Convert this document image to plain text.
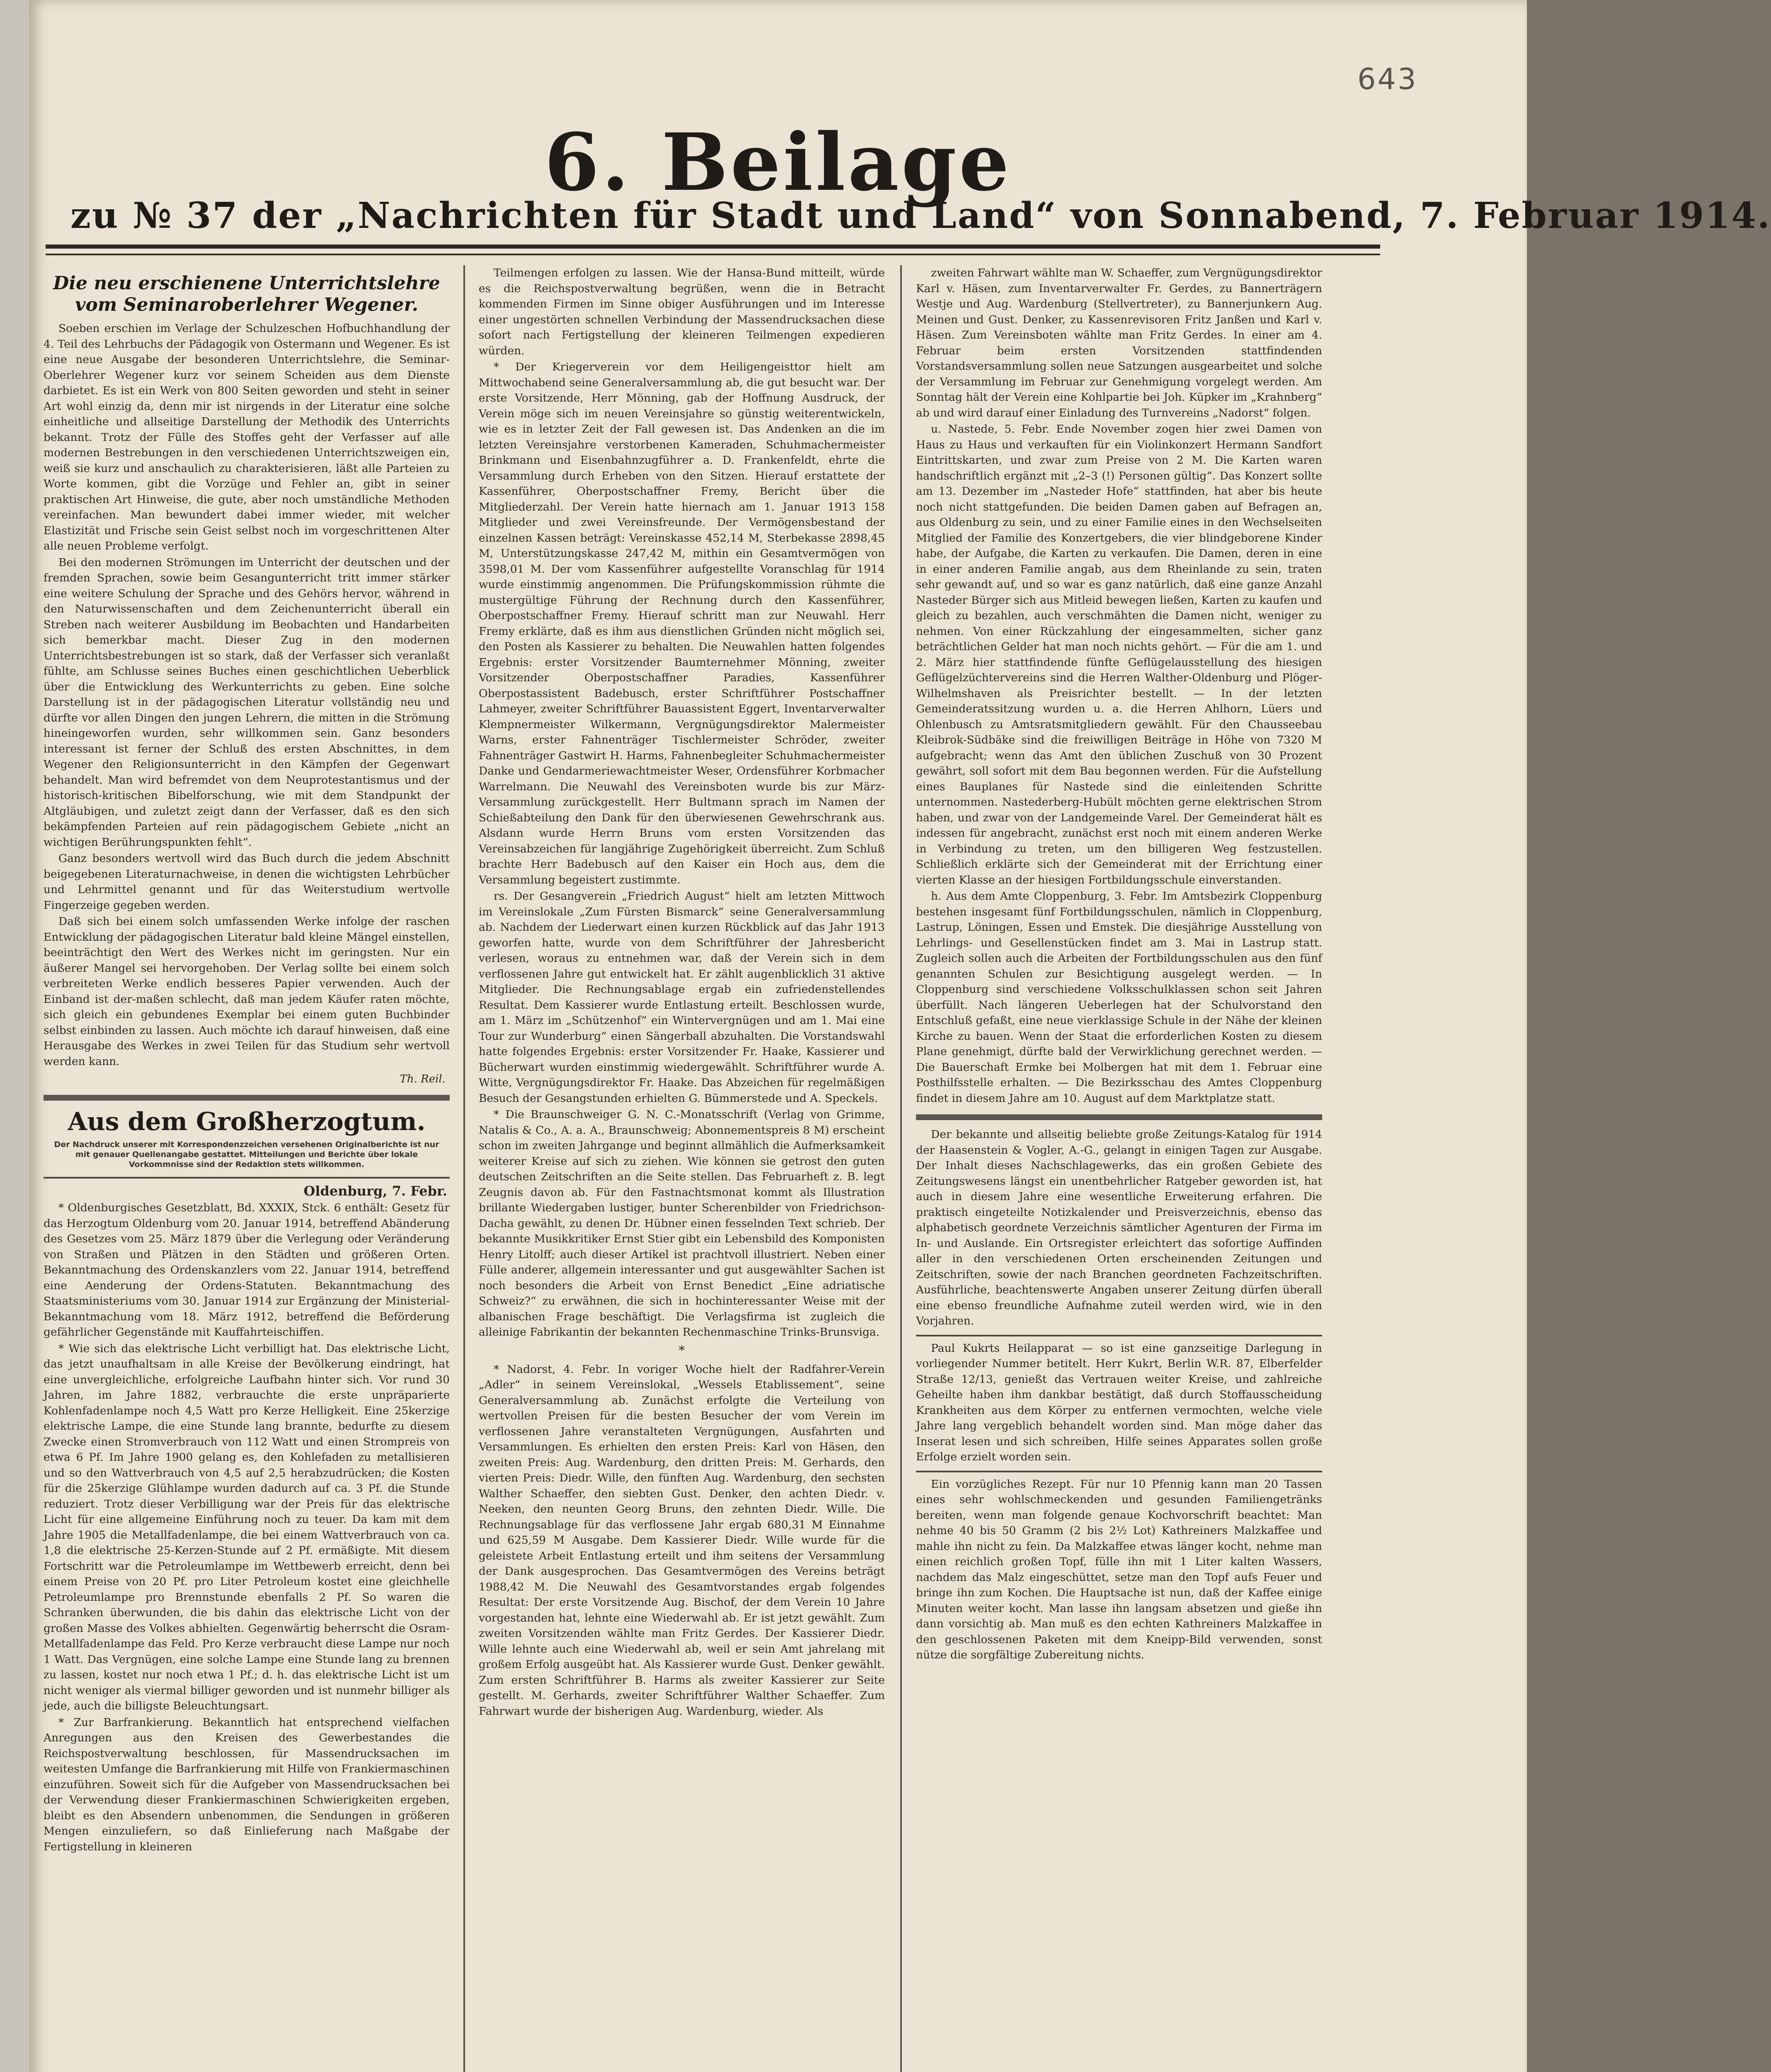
643
6. Beilage
zu № 37 der „Nachrichten für Stadt und Land“ von Sonnabend, 7. Februar 1914.
Die neu erschienene Unterrichtslehre vom Seminaroberlehrer Wegener.

Soeben erschien im Verlage der Schulzeschen Hofbuchhandlung der 4. Teil des Lehrbuchs der Pädagogik von Ostermann und Wegener. Es ist eine neue Ausgabe der besonderen Unterrichtslehre, die Seminar-Oberlehrer Wegener kurz vor seinem Scheiden aus dem Dienste darbietet. Es ist ein Werk von 800 Seiten geworden und steht in seiner Art wohl einzig da, denn mir ist nirgends in der Literatur eine solche einheitliche und allseitige Darstellung der Methodik des Unterrichts bekannt. Trotz der Fülle des Stoffes geht der Verfasser auf alle modernen Bestrebungen in den verschiedenen Unterrichtszweigen ein, weiß sie kurz und anschaulich zu charakterisieren, läßt alle Parteien zu Worte kommen, gibt die Vorzüge und Fehler an, gibt in seiner praktischen Art Hinweise, die gute, aber noch umständliche Methoden vereinfachen. Man bewundert dabei immer wieder, mit welcher Elastizität und Frische sein Geist selbst noch im vorgeschrittenen Alter alle neuen Probleme verfolgt.

Bei den modernen Strömungen im Unterricht der deutschen und der fremden Sprachen, sowie beim Gesangunterricht tritt immer stärker eine weitere Schulung der Sprache und des Gehörs hervor, während in den Naturwissenschaften und dem Zeichenunterricht überall ein Streben nach weiterer Ausbildung im Beobachten und Handarbeiten sich bemerkbar macht. Dieser Zug in den modernen Unterrichtsbestrebungen ist so stark, daß der Verfasser sich veranlaßt fühlte, am Schlusse seines Buches einen geschichtlichen Ueberblick über die Entwicklung des Werkunterrichts zu geben. Eine solche Darstellung ist in der pädagogischen Literatur vollständig neu und dürfte vor allen Dingen den jungen Lehrern, die mitten in die Strömung hineingeworfen wurden, sehr willkommen sein. Ganz besonders interessant ist ferner der Schluß des ersten Abschnittes, in dem Wegener den Religionsunterricht in den Kämpfen der Gegenwart behandelt. Man wird befremdet von dem Neuprotestantismus und der historisch-kritischen Bibelforschung, wie mit dem Standpunkt der Altgläubigen, und zuletzt zeigt dann der Verfasser, daß es den sich bekämpfenden Parteien auf rein pädagogischem Gebiete „nicht an wichtigen Berührungspunkten fehlt“.

Ganz besonders wertvoll wird das Buch durch die jedem Abschnitt beigegebenen Literaturnachweise, in denen die wichtigsten Lehrbücher und Lehrmittel genannt und für das Weiterstudium wertvolle Fingerzeige gegeben werden.

Daß sich bei einem solch umfassenden Werke infolge der raschen Entwicklung der pädagogischen Literatur bald kleine Mängel einstellen, beeinträchtigt den Wert des Werkes nicht im geringsten. Nur ein äußerer Mangel sei hervorgehoben. Der Verlag sollte bei einem solch verbreiteten Werke endlich besseres Papier verwenden. Auch der Einband ist der-maßen schlecht, daß man jedem Käufer raten möchte, sich gleich ein gebundenes Exemplar bei einem guten Buchbinder selbst einbinden zu lassen. Auch möchte ich darauf hinweisen, daß eine Herausgabe des Werkes in zwei Teilen für das Studium sehr wertvoll werden kann.

Th. Reil.
Aus dem Großherzogtum.
Der Nachdruck unserer mit Korrespondenzzeichen versehenen Originalberichte ist nur mit genauer Quellenangabe gestattet. Mitteilungen und Berichte über lokale Vorkommnisse sind der Redaktion stets willkommen.
Oldenburg, 7. Febr.

* Oldenburgisches Gesetzblatt, Bd. XXXIX, Stck. 6 enthält: Gesetz für das Herzogtum Oldenburg vom 20. Januar 1914, betreffend Abänderung des Gesetzes vom 25. März 1879 über die Verlegung oder Veränderung von Straßen und Plätzen in den Städten und größeren Orten. Bekanntmachung des Ordenskanzlers vom 22. Januar 1914, betreffend eine Aenderung der Ordens-Statuten. Bekanntmachung des Staatsministeriums vom 30. Januar 1914 zur Ergänzung der Ministerial-Bekanntmachung vom 18. März 1912, betreffend die Beförderung gefährlicher Gegenstände mit Kauffahrteischiffen.

* Wie sich das elektrische Licht verbilligt hat. Das elektrische Licht, das jetzt unaufhaltsam in alle Kreise der Bevölkerung eindringt, hat eine unvergleichliche, erfolgreiche Laufbahn hinter sich. Vor rund 30 Jahren, im Jahre 1882, verbrauchte die erste unpräparierte Kohlenfadenlampe noch 4,5 Watt pro Kerze Helligkeit. Eine 25kerzige elektrische Lampe, die eine Stunde lang brannte, bedurfte zu diesem Zwecke einen Stromverbrauch von 112 Watt und einen Strompreis von etwa 6 Pf. Im Jahre 1900 gelang es, den Kohlefaden zu metallisieren und so den Wattverbrauch von 4,5 auf 2,5 herabzudrücken; die Kosten für die 25kerzige Glühlampe wurden dadurch auf ca. 3 Pf. die Stunde reduziert. Trotz dieser Verbilligung war der Preis für das elektrische Licht für eine allgemeine Einführung noch zu teuer. Da kam mit dem Jahre 1905 die Metallfadenlampe, die bei einem Wattverbrauch von ca. 1,8 die elektrische 25-Kerzen-Stunde auf 2 Pf. ermäßigte. Mit diesem Fortschritt war die Petroleumlampe im Wettbewerb erreicht, denn bei einem Preise von 20 Pf. pro Liter Petroleum kostet eine gleichhelle Petroleumlampe pro Brennstunde ebenfalls 2 Pf. So waren die Schranken überwunden, die bis dahin das elektrische Licht von der großen Masse des Volkes abhielten. Gegenwärtig beherrscht die Osram-Metallfadenlampe das Feld. Pro Kerze verbraucht diese Lampe nur noch 1 Watt. Das Vergnügen, eine solche Lampe eine Stunde lang zu brennen zu lassen, kostet nur noch etwa 1 Pf.; d. h. das elektrische Licht ist um nicht weniger als viermal billiger geworden und ist nunmehr billiger als jede, auch die billigste Beleuchtungsart.

* Zur Barfrankierung. Bekanntlich hat entsprechend vielfachen Anregungen aus den Kreisen des Gewerbestandes die Reichspostverwaltung beschlossen, für Massendrucksachen im weitesten Umfange die Barfrankierung mit Hilfe von Frankiermaschinen einzuführen. Soweit sich für die Aufgeber von Massendrucksachen bei der Verwendung dieser Frankiermaschinen Schwierigkeiten ergeben, bleibt es den Absendern unbenommen, die Sendungen in größeren Mengen einzuliefern, so daß Einlieferung nach Maßgabe der Fertigstellung in kleineren

Teilmengen erfolgen zu lassen. Wie der Hansa-Bund mitteilt, würde es die Reichspostverwaltung begrüßen, wenn die in Betracht kommenden Firmen im Sinne obiger Ausführungen und im Interesse einer ungestörten schnellen Verbindung der Massendrucksachen diese sofort nach Fertigstellung der kleineren Teilmengen expedieren würden.

* Der Kriegerverein vor dem Heiligengeisttor hielt am Mittwochabend seine Generalversammlung ab, die gut besucht war. Der erste Vorsitzende, Herr Mönning, gab der Hoffnung Ausdruck, der Verein möge sich im neuen Vereinsjahre so günstig weiterentwickeln, wie es in letzter Zeit der Fall gewesen ist. Das Andenken an die im letzten Vereinsjahre verstorbenen Kameraden, Schuhmachermeister Brinkmann und Eisenbahnzugführer a. D. Frankenfeldt, ehrte die Versammlung durch Erheben von den Sitzen. Hierauf erstattete der Kassenführer, Oberpostschaffner Fremy, Bericht über die Mitgliederzahl. Der Verein hatte hiernach am 1. Januar 1913 158 Mitglieder und zwei Vereinsfreunde. Der Vermögensbestand der einzelnen Kassen beträgt: Vereinskasse 452,14 M, Sterbekasse 2898,45 M, Unterstützungskasse 247,42 M, mithin ein Gesamtvermögen von 3598,01 M. Der vom Kassenführer aufgestellte Voranschlag für 1914 wurde einstimmig angenommen. Die Prüfungskommission rühmte die mustergültige Führung der Rechnung durch den Kassenführer, Oberpostschaffner Fremy. Hierauf schritt man zur Neuwahl. Herr Fremy erklärte, daß es ihm aus dienstlichen Gründen nicht möglich sei, den Posten als Kassierer zu behalten. Die Neuwahlen hatten folgendes Ergebnis: erster Vorsitzender Baumternehmer Mönning, zweiter Vorsitzender Oberpostschaffner Paradies, Kassenführer Oberpostassistent Badebusch, erster Schriftführer Postschaffner Lahmeyer, zweiter Schriftführer Bauassistent Eggert, Inventarverwalter Klempnermeister Wilkermann, Vergnügungsdirektor Malermeister Warns, erster Fahnenträger Tischlermeister Schröder, zweiter Fahnenträger Gastwirt H. Harms, Fahnenbegleiter Schuhmachermeister Danke und Gendarmeriewachtmeister Weser, Ordensführer Korbmacher Warrelmann. Die Neuwahl des Vereinsboten wurde bis zur März-Versammlung zurückgestellt. Herr Bultmann sprach im Namen der Schießabteilung den Dank für den überwiesenen Gewehrschrank aus. Alsdann wurde Herrn Bruns vom ersten Vorsitzenden das Vereinsabzeichen für langjährige Zugehörigkeit überreicht. Zum Schluß brachte Herr Badebusch auf den Kaiser ein Hoch aus, dem die Versammlung begeistert zustimmte.

rs. Der Gesangverein „Friedrich August“ hielt am letzten Mittwoch im Vereinslokale „Zum Fürsten Bismarck“ seine Generalversammlung ab. Nachdem der Liederwart einen kurzen Rückblick auf das Jahr 1913 geworfen hatte, wurde von dem Schriftführer der Jahresbericht verlesen, woraus zu entnehmen war, daß der Verein sich in dem verflossenen Jahre gut entwickelt hat. Er zählt augenblicklich 31 aktive Mitglieder. Die Rechnungsablage ergab ein zufriedenstellendes Resultat. Dem Kassierer wurde Entlastung erteilt. Beschlossen wurde, am 1. März im „Schützenhof“ ein Wintervergnügen und am 1. Mai eine Tour zur Wunderburg“ einen Sängerball abzuhalten. Die Vorstandswahl hatte folgendes Ergebnis: erster Vorsitzender Fr. Haake, Kassierer und Bücherwart wurden einstimmig wiedergewählt. Schriftführer wurde A. Witte, Vergnügungsdirektor Fr. Haake. Das Abzeichen für regelmäßigen Besuch der Gesangstunden erhielten G. Bümmerstede und A. Speckels.

* Die Braunschweiger G. N. C.-Monatsschrift (Verlag von Grimme, Natalis & Co., A. a. A., Braunschweig; Abonnementspreis 8 M) erscheint schon im zweiten Jahrgange und beginnt allmählich die Aufmerksamkeit weiterer Kreise auf sich zu ziehen. Wie können sie getrost den guten deutschen Zeitschriften an die Seite stellen. Das Februarheft z. B. legt Zeugnis davon ab. Für den Fastnachtsmonat kommt als Illustration brillante Wiedergaben lustiger, bunter Scherenbilder von Friedrichson-Dacha gewählt, zu denen Dr. Hübner einen fesselnden Text schrieb. Der bekannte Musikkritiker Ernst Stier gibt ein Lebensbild des Komponisten Henry Litolff; auch dieser Artikel ist prachtvoll illustriert. Neben einer Fülle anderer, allgemein interessanter und gut ausgewählter Sachen ist noch besonders die Arbeit von Ernst Benedict „Eine adriatische Schweiz?“ zu erwähnen, die sich in hochinteressanter Weise mit der albanischen Frage beschäftigt. Die Verlagsfirma ist zugleich die alleinige Fabrikantin der bekannten Rechenmaschine Trinks-Brunsviga.

*

* Nadorst, 4. Febr. In voriger Woche hielt der Radfahrer-Verein „Adler“ in seinem Vereinslokal, „Wessels Etablissement“, seine Generalversammlung ab. Zunächst erfolgte die Verteilung von wertvollen Preisen für die besten Besucher der vom Verein im verflossenen Jahre veranstalteten Vergnügungen, Ausfahrten und Versammlungen. Es erhielten den ersten Preis: Karl von Häsen, den zweiten Preis: Aug. Wardenburg, den dritten Preis: M. Gerhards, den vierten Preis: Diedr. Wille, den fünften Aug. Wardenburg, den sechsten Walther Schaeffer, den siebten Gust. Denker, den achten Diedr. v. Neeken, den neunten Georg Bruns, den zehnten Diedr. Wille. Die Rechnungsablage für das verflossene Jahr ergab 680,31 M Einnahme und 625,59 M Ausgabe. Dem Kassierer Diedr. Wille wurde für die geleistete Arbeit Entlastung erteilt und ihm seitens der Versammlung der Dank ausgesprochen. Das Gesamtvermögen des Vereins beträgt 1988,42 M. Die Neuwahl des Gesamtvorstandes ergab folgendes Resultat: Der erste Vorsitzende Aug. Bischof, der dem Verein 10 Jahre vorgestanden hat, lehnte eine Wiederwahl ab. Er ist jetzt gewählt. Zum zweiten Vorsitzenden wählte man Fritz Gerdes. Der Kassierer Diedr. Wille lehnte auch eine Wiederwahl ab, weil er sein Amt jahrelang mit großem Erfolg ausgeübt hat. Als Kassierer wurde Gust. Denker gewählt. Zum ersten Schriftführer B. Harms als zweiter Kassierer zur Seite gestellt. M. Gerhards, zweiter Schriftführer Walther Schaeffer. Zum Fahrwart wurde der bisherigen Aug. Wardenburg, wieder. Als

zweiten Fahrwart wählte man W. Schaeffer, zum Vergnügungsdirektor Karl v. Häsen, zum Inventarverwalter Fr. Gerdes, zu Bannerträgern Westje und Aug. Wardenburg (Stellvertreter), zu Bannerjunkern Aug. Meinen und Gust. Denker, zu Kassenrevisoren Fritz Janßen und Karl v. Häsen. Zum Vereinsboten wählte man Fritz Gerdes. In einer am 4. Februar beim ersten Vorsitzenden stattfindenden Vorstandsversammlung sollen neue Satzungen ausgearbeitet und solche der Versammlung im Februar zur Genehmigung vorgelegt werden. Am Sonntag hält der Verein eine Kohlpartie bei Joh. Küpker im „Krahnberg“ ab und wird darauf einer Einladung des Turnvereins „Nadorst“ folgen.

u. Nastede, 5. Febr. Ende November zogen hier zwei Damen von Haus zu Haus und verkauften für ein Violinkonzert Hermann Sandfort Eintrittskarten, und zwar zum Preise von 2 M. Die Karten waren handschriftlich ergänzt mit „2–3 (!) Personen gültig“. Das Konzert sollte am 13. Dezember im „Nasteder Hofe“ stattfinden, hat aber bis heute noch nicht stattgefunden. Die beiden Damen gaben auf Befragen an, aus Oldenburg zu sein, und zu einer Familie eines in den Wechselseiten Mitglied der Familie des Konzertgebers, die vier blindgeborene Kinder habe, der Aufgabe, die Karten zu verkaufen. Die Damen, deren in eine in einer anderen Familie angab, aus dem Rheinlande zu sein, traten sehr gewandt auf, und so war es ganz natürlich, daß eine ganze Anzahl Nasteder Bürger sich aus Mitleid bewegen ließen, Karten zu kaufen und gleich zu bezahlen, auch verschmähten die Damen nicht, weniger zu nehmen. Von einer Rückzahlung der eingesammelten, sicher ganz beträchtlichen Gelder hat man noch nichts gehört. — Für die am 1. und 2. März hier stattfindende fünfte Geflügelausstellung des hiesigen Geflügelzüchtervereins sind die Herren Walther-Oldenburg und Plöger-Wilhelmshaven als Preisrichter bestellt. — In der letzten Gemeinderatssitzung wurden u. a. die Herren Ahlhorn, Lüers und Ohlenbusch zu Amtsratsmitgliedern gewählt. Für den Chausseebau Kleibrok-Südbäke sind die freiwilligen Beiträge in Höhe von 7320 M aufgebracht; wenn das Amt den üblichen Zuschuß von 30 Prozent gewährt, soll sofort mit dem Bau begonnen werden. Für die Aufstellung eines Bauplanes für Nastede sind die einleitenden Schritte unternommen. Nastederberg-Hubült möchten gerne elektrischen Strom haben, und zwar von der Landgemeinde Varel. Der Gemeinderat hält es indessen für angebracht, zunächst erst noch mit einem anderen Werke in Verbindung zu treten, um den billigeren Weg festzustellen. Schließlich erklärte sich der Gemeinderat mit der Errichtung einer vierten Klasse an der hiesigen Fortbildungsschule einverstanden.

h. Aus dem Amte Cloppenburg, 3. Febr. Im Amtsbezirk Cloppenburg bestehen insgesamt fünf Fortbildungsschulen, nämlich in Cloppenburg, Lastrup, Löningen, Essen und Emstek. Die diesjährige Ausstellung von Lehrlings- und Gesellenstücken findet am 3. Mai in Lastrup statt. Zugleich sollen auch die Arbeiten der Fortbildungsschulen aus den fünf genannten Schulen zur Besichtigung ausgelegt werden. — In Cloppenburg sind verschiedene Volksschulklassen schon seit Jahren überfüllt. Nach längeren Ueberlegen hat der Schulvorstand den Entschluß gefaßt, eine neue vierklassige Schule in der Nähe der kleinen Kirche zu bauen. Wenn der Staat die erforderlichen Kosten zu diesem Plane genehmigt, dürfte bald der Verwirklichung gerechnet werden. — Die Bauerschaft Ermke bei Molbergen hat mit dem 1. Februar eine Posthilfsstelle erhalten. — Die Bezirksschau des Amtes Cloppenburg findet in diesem Jahre am 10. August auf dem Marktplatze statt.

Der bekannte und allseitig beliebte große Zeitungs-Katalog für 1914 der Haasenstein & Vogler, A.-G., gelangt in einigen Tagen zur Ausgabe. Der Inhalt dieses Nachschlagewerks, das ein großen Gebiete des Zeitungswesens längst ein unentbehrlicher Ratgeber geworden ist, hat auch in diesem Jahre eine wesentliche Erweiterung erfahren. Die praktisch eingeteilte Notizkalender und Preisverzeichnis, ebenso das alphabetisch geordnete Verzeichnis sämtlicher Agenturen der Firma im In- und Auslande. Ein Ortsregister erleichtert das sofortige Auffinden aller in den verschiedenen Orten erscheinenden Zeitungen und Zeitschriften, sowie der nach Branchen geordneten Fachzeitschriften. Ausführliche, beachtenswerte Angaben unserer Zeitung dürfen überall eine ebenso freundliche Aufnahme zuteil werden wird, wie in den Vorjahren.

Paul Kukrts Heilapparat — so ist eine ganzseitige Darlegung in vorliegender Nummer betitelt. Herr Kukrt, Berlin W.R. 87, Elberfelder Straße 12/13, genießt das Vertrauen weiter Kreise, und zahlreiche Geheilte haben ihm dankbar bestätigt, daß durch Stoffausscheidung Krankheiten aus dem Körper zu entfernen vermochten, welche viele Jahre lang vergeblich behandelt worden sind. Man möge daher das Inserat lesen und sich schreiben, Hilfe seines Apparates sollen große Erfolge erzielt worden sein.

Ein vorzügliches Rezept. Für nur 10 Pfennig kann man 20 Tassen eines sehr wohlschmeckenden und gesunden Familiengetränks bereiten, wenn man folgende genaue Kochvorschrift beachtet: Man nehme 40 bis 50 Gramm (2 bis 2½ Lot) Kathreiners Malzkaffee und mahle ihn nicht zu fein. Da Malzkaffee etwas länger kocht, nehme man einen reichlich großen Topf, fülle ihn mit 1 Liter kalten Wassers, nachdem das Malz eingeschüttet, setze man den Topf aufs Feuer und bringe ihn zum Kochen. Die Hauptsache ist nun, daß der Kaffee einige Minuten weiter kocht. Man lasse ihn langsam absetzen und gieße ihn dann vorsichtig ab. Man muß es den echten Kathreiners Malzkaffee in den geschlossenen Paketen mit dem Kneipp-Bild verwenden, sonst nütze die sorgfältige Zubereitung nichts.
